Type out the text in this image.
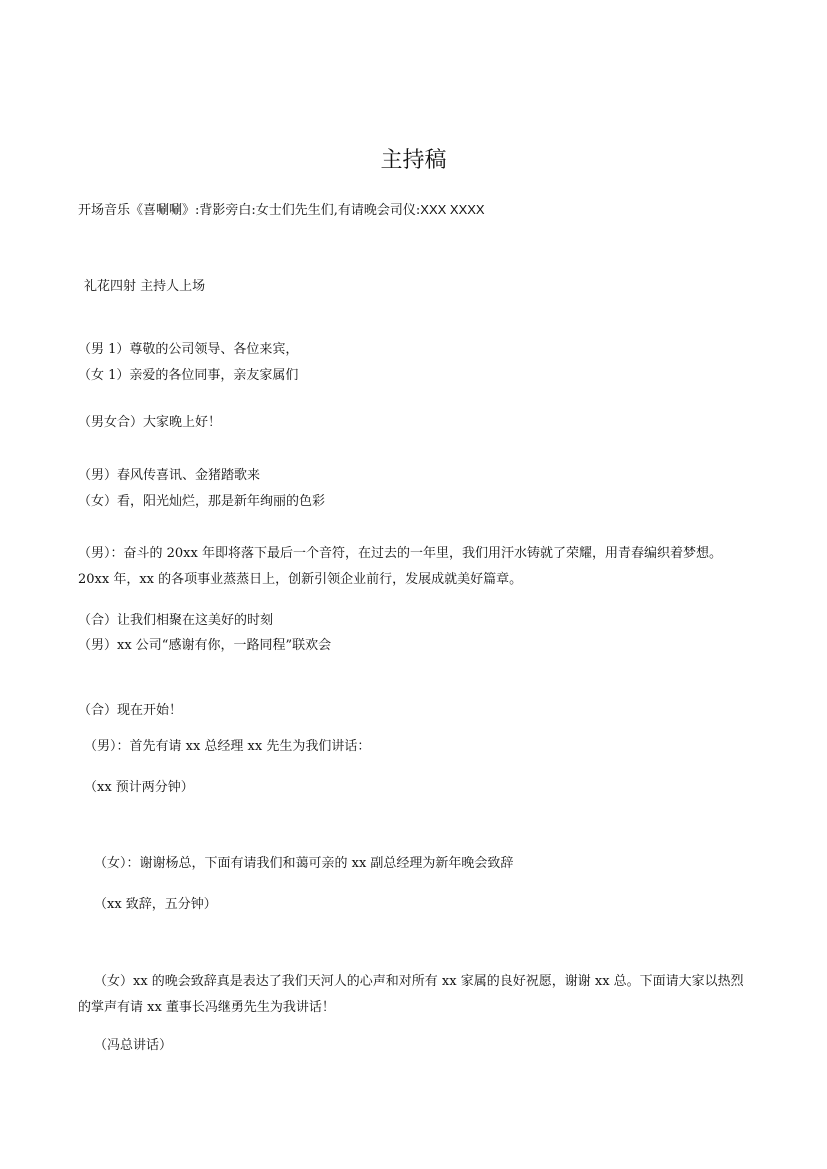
主持稿

开场音乐《喜唰唰》:背影旁白:女士们先生们,有请晚会司仪:XXX XXXX

礼花四射 主持人上场

（男 1）尊敬的公司领导、各位来宾，

（女 1）亲爱的各位同事，亲友家属们

（男女合）大家晚上好！

（男）春风传喜讯、金猪踏歌来

（女）看，阳光灿烂，那是新年绚丽的色彩

（男）：奋斗的 20xx 年即将落下最后一个音符，在过去的一年里，我们用汗水铸就了荣耀，用青春编织着梦想。20xx 年，xx 的各项事业蒸蒸日上，创新引领企业前行，发展成就美好篇章。

（合）让我们相聚在这美好的时刻

（男）xx 公司“感谢有你，一路同程”联欢会

（合）现在开始！

（男）：首先有请 xx 总经理 xx 先生为我们讲话：

（xx 预计两分钟）

（女）：谢谢杨总，下面有请我们和蔼可亲的 xx 副总经理为新年晚会致辞

（xx 致辞，五分钟）

（女）xx 的晚会致辞真是表达了我们天河人的心声和对所有 xx 家属的良好祝愿，谢谢 xx 总。下面请大家以热烈的掌声有请 xx 董事长冯继勇先生为我讲话！

（冯总讲话）
